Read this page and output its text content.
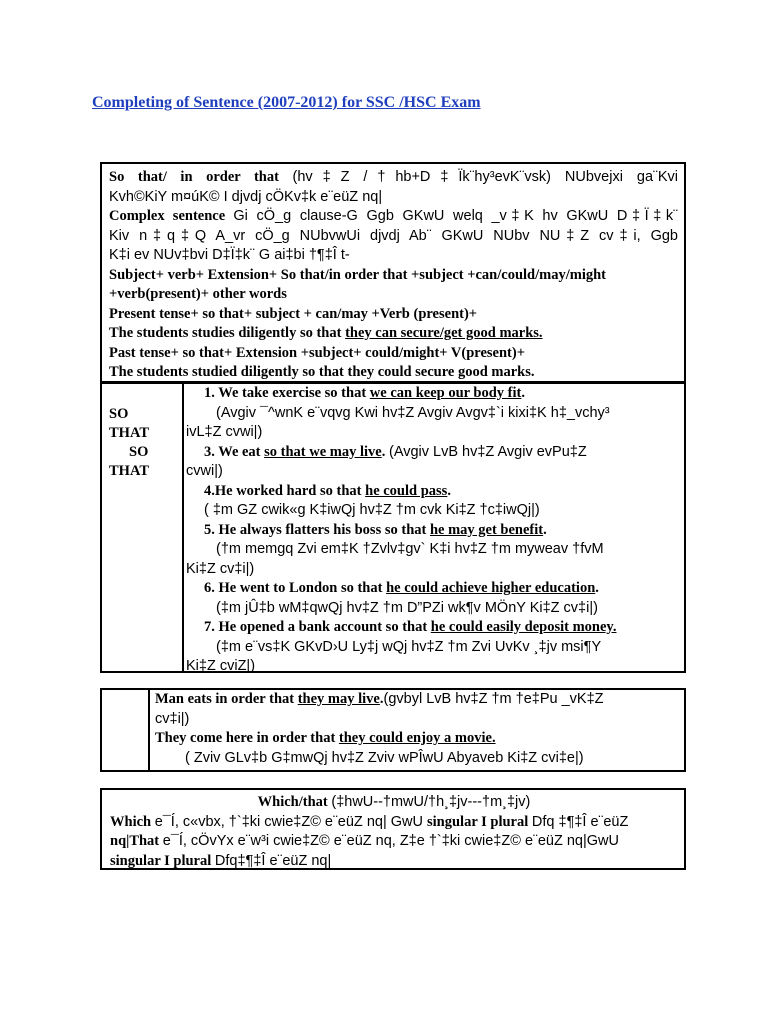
Completing of Sentence (2007-2012) for SSC /HSC Exam
So that/ in order that (hv‡Z /†hb+D‡Ïk¨hy³evK¨vsk) NUbvejxi ga¨Kvi
Kvh©KiY m¤úK© I djvdj cÖKv‡k e¨eüZ nq|
Complex sentence Gi cÖ_g clause-G Ggb GKwU welq _v‡K hv GKwU D‡Ï‡k¨
Kiv n‡q‡Q A_vr cÖ_g NUbvwUi djvdj Ab¨ GKwU NUbv NU‡Z cv‡i, Ggb
K‡i ev NUv‡bvi D‡Ï‡k¨ G ai‡bi †¶‡Î t-
Subject+ verb+ Extension+ So that/in order that +subject +can/could/may/might
+verb(present)+ other words
Present tense+ so that+ subject + can/may +Verb (present)+
The students studies diligently so that they can secure/get good marks.
Past tense+ so that+ Extension +subject+ could/might+ V(present)+
The students studied diligently so that they could secure good marks.
SO
THAT
SO
THAT
1. We take exercise so that we can keep our body fit.
(Avgiv ¯^wnK e¨vqvg Kwi hv‡Z Avgiv Avgv‡`i kixi‡K h‡_vchy³
ivL‡Z cvwi|)
3. We eat so that we may live. (Avgiv LvB hv‡Z Avgiv evPu‡Z
cvwi|)
4.He worked hard so that he could pass.
( ‡m GZ cwik«g K‡iwQj hv‡Z †m cvk Ki‡Z †c‡iwQj|)
5. He always flatters his boss so that he may get benefit.
(†m memgq Zvi em‡K †Zvlv‡gv` K‡i hv‡Z †m myweav †fvM
Ki‡Z cv‡i|)
6. He went to London so that he could achieve higher education.
(‡m jÛ‡b wM‡qwQj hv‡Z †m D”PZi wk¶v MÖnY Ki‡Z cv‡i|)
7. He opened a bank account so that he could easily deposit money.
(‡m e¨vs‡K GKvD›U Ly‡j wQj hv‡Z †m Zvi UvKv ¸‡jv msi¶Y
Ki‡Z cviZ|)
Man eats in order that they may live.(gvbyl LvB hv‡Z †m †e‡Pu _vK‡Z
cv‡i|)
They come here in order that they could enjoy a movie.
( Zviv GLv‡b G‡mwQj hv‡Z Zviv wPÎwU Abyaveb Ki‡Z cvi‡e|)
Which/that (‡hwU--†mwU/†h¸‡jv---†m¸‡jv)
Which e¯Í, c«vbx, †`‡ki cwie‡Z© e¨eüZ nq| GwU singular I plural Dfq ‡¶‡Î e¨eüZ
nq|That e¯Í, cÖvYx e¨w³i cwie‡Z© e¨eüZ nq, Z‡e †`‡ki cwie‡Z© e¨eüZ nq|GwU
singular I plural Dfq‡¶‡Î e¨eüZ nq|
